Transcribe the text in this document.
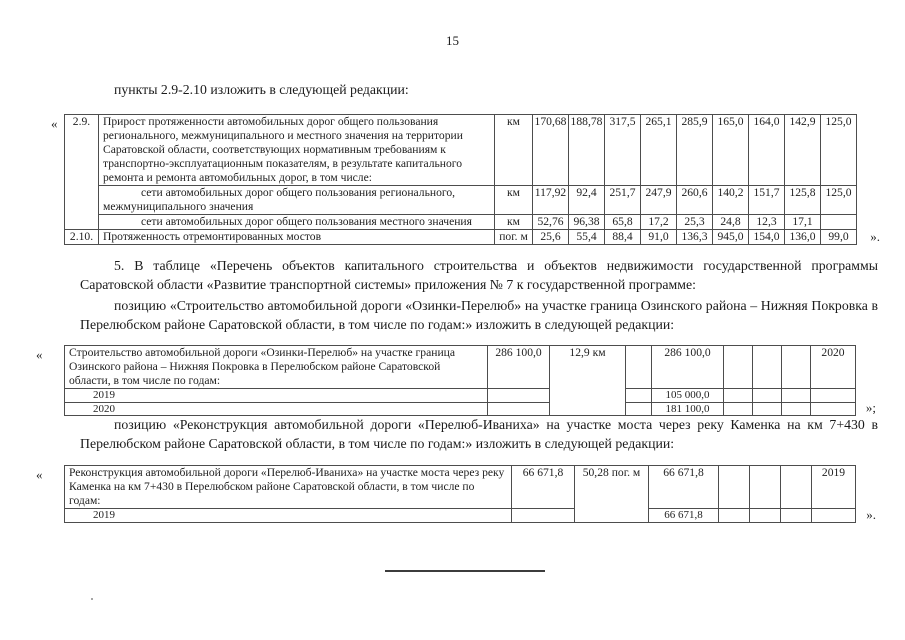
15
пункты 2.9-2.10 изложить в следующей редакции:
« 2.9.	Прирост протяженности автомобильных дорог общего пользования регионального, межмуниципального и местного значения на территории Саратовской области, соответствующих нормативным требованиям к транспортно-эксплуатационным показателям, в результате капитального ремонта и ремонта автомобильных дорог, в том числе:	км	170,68	188,78	317,5	265,1	285,9	165,0	164,0	142,9	125,0
	сети автомобильных дорог общего пользования регионального, межмуниципального значения	км	117,92	92,4	251,7	247,9	260,6	140,2	151,7	125,8	125,0
	сети автомобильных дорог общего пользования местного значения	км	52,76	96,38	65,8	17,2	25,3	24,8	12,3	17,1	
2.10.	Протяженность отремонтированных мостов	пог. м	25,6	55,4	88,4	91,0	136,3	945,0	154,0	136,0	99,0 ».
5. В таблице «Перечень объектов капитального строительства и объектов недвижимости государственной программы Саратовской области «Развитие транспортной системы» приложения № 7 к государственной программе:
позицию «Строительство автомобильной дороги «Озинки-Перелюб» на участке граница Озинского района – Нижняя Покровка в Перелюбском районе Саратовской области, в том числе по годам:» изложить в следующей редакции:
« Строительство автомобильной дороги «Озинки-Перелюб» на участке граница Озинского района – Нижняя Покровка в Перелюбском районе Саратовской области, в том числе по годам:	286 100,0	12,9 км		286 100,0				2020
2019				105 000,0				
2020				181 100,0					»;
позицию «Реконструкция автомобильной дороги «Перелюб-Иваниха» на участке моста через реку Каменка на км 7+430 в Перелюбском районе Саратовской области, в том числе по годам:» изложить в следующей редакции:
« Реконструкция автомобильной дороги «Перелюб-Иваниха» на участке моста через реку Каменка на км 7+430 в Перелюбском районе Саратовской области, в том числе по годам:	66 671,8	50,28 пог. м	66 671,8				2019
2019			66 671,8					».
